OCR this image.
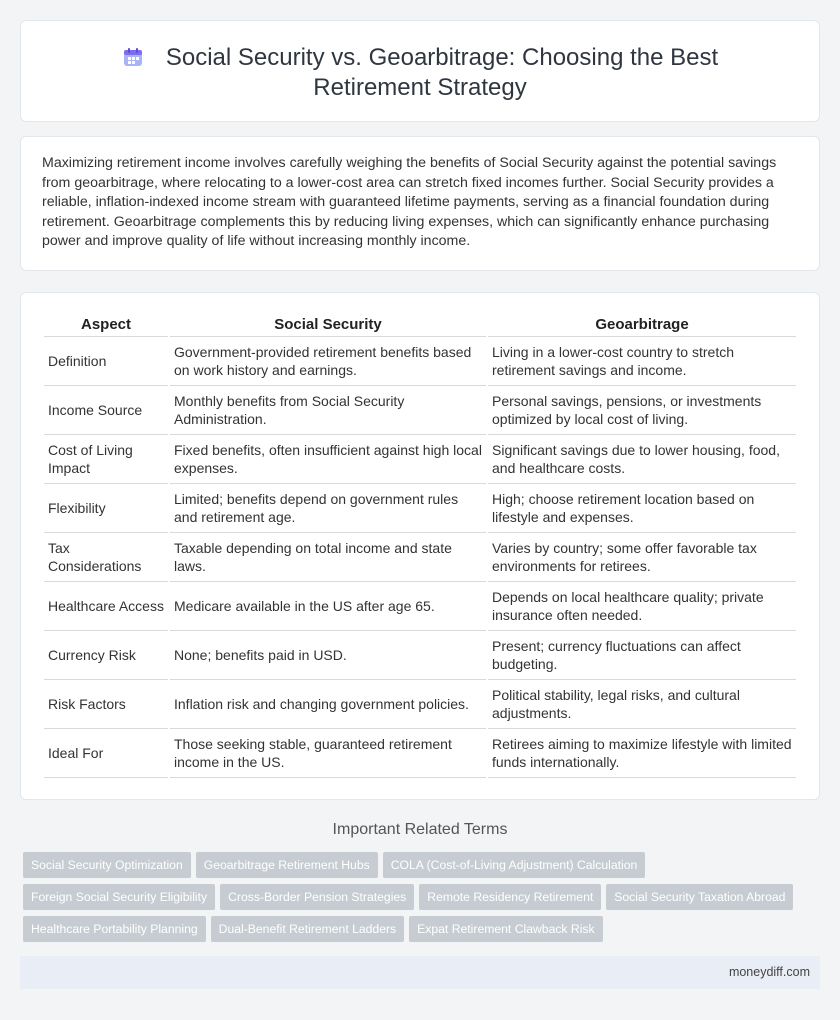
Social Security vs. Geoarbitrage: Choosing the Best Retirement Strategy

Maximizing retirement income involves carefully weighing the benefits of Social Security against the potential savings from geoarbitrage, where relocating to a lower-cost area can stretch fixed incomes further. Social Security provides a reliable, inflation-indexed income stream with guaranteed lifetime payments, serving as a financial foundation during retirement. Geoarbitrage complements this by reducing living expenses, which can significantly enhance purchasing power and improve quality of life without increasing monthly income.

Aspect	Social Security	Geoarbitrage
Definition	Government-provided retirement benefits based on work history and earnings.	Living in a lower-cost country to stretch retirement savings and income.
Income Source	Monthly benefits from Social Security Administration.	Personal savings, pensions, or investments optimized by local cost of living.
Cost of Living Impact	Fixed benefits, often insufficient against high local expenses.	Significant savings due to lower housing, food, and healthcare costs.
Flexibility	Limited; benefits depend on government rules and retirement age.	High; choose retirement location based on lifestyle and expenses.
Tax Considerations	Taxable depending on total income and state laws.	Varies by country; some offer favorable tax environments for retirees.
Healthcare Access	Medicare available in the US after age 65.	Depends on local healthcare quality; private insurance often needed.
Currency Risk	None; benefits paid in USD.	Present; currency fluctuations can affect budgeting.
Risk Factors	Inflation risk and changing government policies.	Political stability, legal risks, and cultural adjustments.
Ideal For	Those seeking stable, guaranteed retirement income in the US.	Retirees aiming to maximize lifestyle with limited funds internationally.
Important Related Terms
Social Security Optimization Geoarbitrage Retirement Hubs COLA (Cost-of-Living Adjustment) Calculation
Foreign Social Security Eligibility Cross-Border Pension Strategies Remote Residency Retirement Social Security Taxation Abroad
Healthcare Portability Planning Dual-Benefit Retirement Ladders Expat Retirement Clawback Risk
moneydiff.com
